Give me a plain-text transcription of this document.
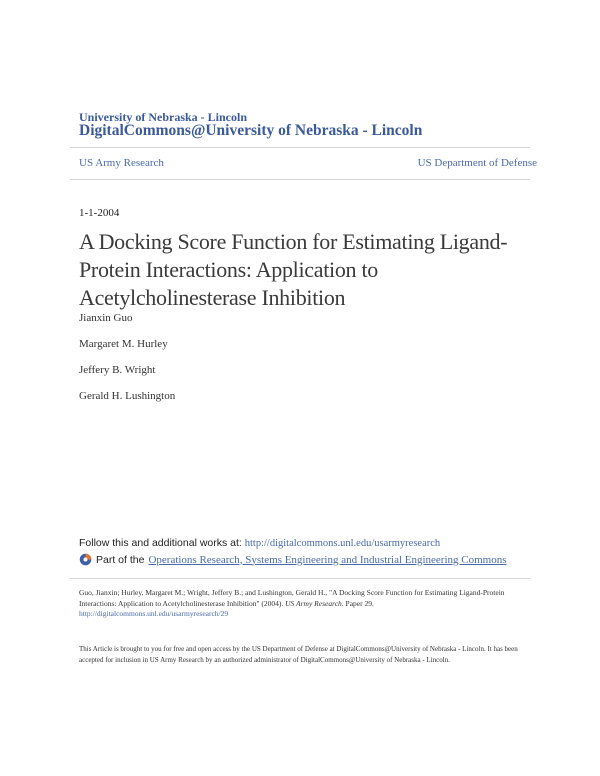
University of Nebraska - Lincoln
DigitalCommons@University of Nebraska - Lincoln
US Army Research	US Department of Defense
1-1-2004
A Docking Score Function for Estimating Ligand-
Protein Interactions: Application to
Acetylcholinesterase Inhibition
Jianxin Guo
Margaret M. Hurley
Jeffery B. Wright
Gerald H. Lushington
Follow this and additional works at: http://digitalcommons.unl.edu/usarmyresearch
Part of the Operations Research, Systems Engineering and Industrial Engineering Commons
Guo, Jianxin; Hurley, Margaret M.; Wright, Jeffery B.; and Lushington, Gerald H., "A Docking Score Function for Estimating Ligand-Protein Interactions: Application to Acetylcholinesterase Inhibition" (2004). US Army Research. Paper 29.
http://digitalcommons.unl.edu/usarmyresearch/29
This Article is brought to you for free and open access by the US Department of Defense at DigitalCommons@University of Nebraska - Lincoln. It has been accepted for inclusion in US Army Research by an authorized administrator of DigitalCommons@University of Nebraska - Lincoln.
